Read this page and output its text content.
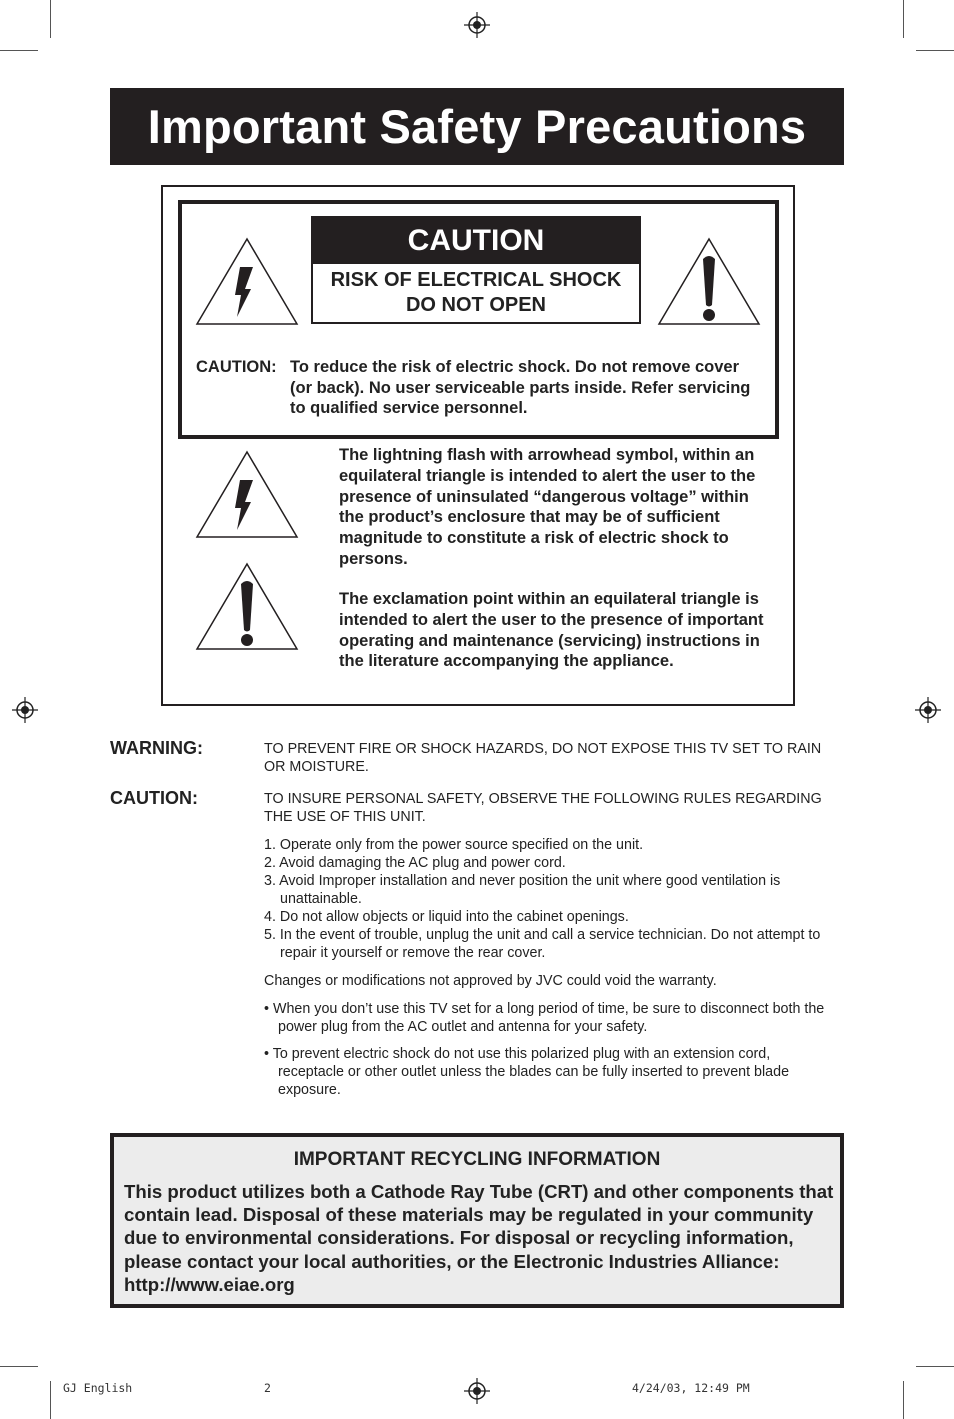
Important Safety Precautions
CAUTION
RISK OF ELECTRICAL SHOCK
DO NOT OPEN
CAUTION: To reduce the risk of electric shock. Do not remove cover (or back). No user serviceable parts inside. Refer servicing to qualified service personnel.
The lightning flash with arrowhead symbol, within an equilateral triangle is intended to alert the user to the presence of uninsulated “dangerous voltage” within the product’s enclosure that may be of sufficient magnitude to constitute a risk of electric shock to persons.
The exclamation point within an equilateral triangle is intended to alert the user to the presence of important operating and maintenance (servicing) instructions in the literature accompanying the appliance.
WARNING:	TO PREVENT FIRE OR SHOCK HAZARDS, DO NOT EXPOSE THIS TV SET TO RAIN OR MOISTURE.
CAUTION:	TO INSURE PERSONAL SAFETY, OBSERVE THE FOLLOWING RULES REGARDING THE USE OF THIS UNIT.
1. Operate only from the power source specified on the unit.
2. Avoid damaging the AC plug and power cord.
3. Avoid Improper installation and never position the unit where good ventilation is unattainable.
4. Do not allow objects or liquid into the cabinet openings.
5. In the event of trouble, unplug the unit and call a service technician. Do not attempt to repair it yourself or remove the rear cover.
Changes or modifications not approved by JVC could void the warranty.
• When you don’t use this TV set for a long period of time, be sure to disconnect both the power plug from the AC outlet and antenna for your safety.
• To prevent electric shock do not use this polarized plug with an extension cord, receptacle or other outlet unless the blades can be fully inserted to prevent blade exposure.
IMPORTANT RECYCLING INFORMATION
This product utilizes both a Cathode Ray Tube (CRT) and other components that contain lead. Disposal of these materials may be regulated in your community due to environmental considerations. For disposal or recycling information, please contact your local authorities, or the Electronic Industries Alliance: http://www.eiae.org
GJ English	2	4/24/03, 12:49 PM
